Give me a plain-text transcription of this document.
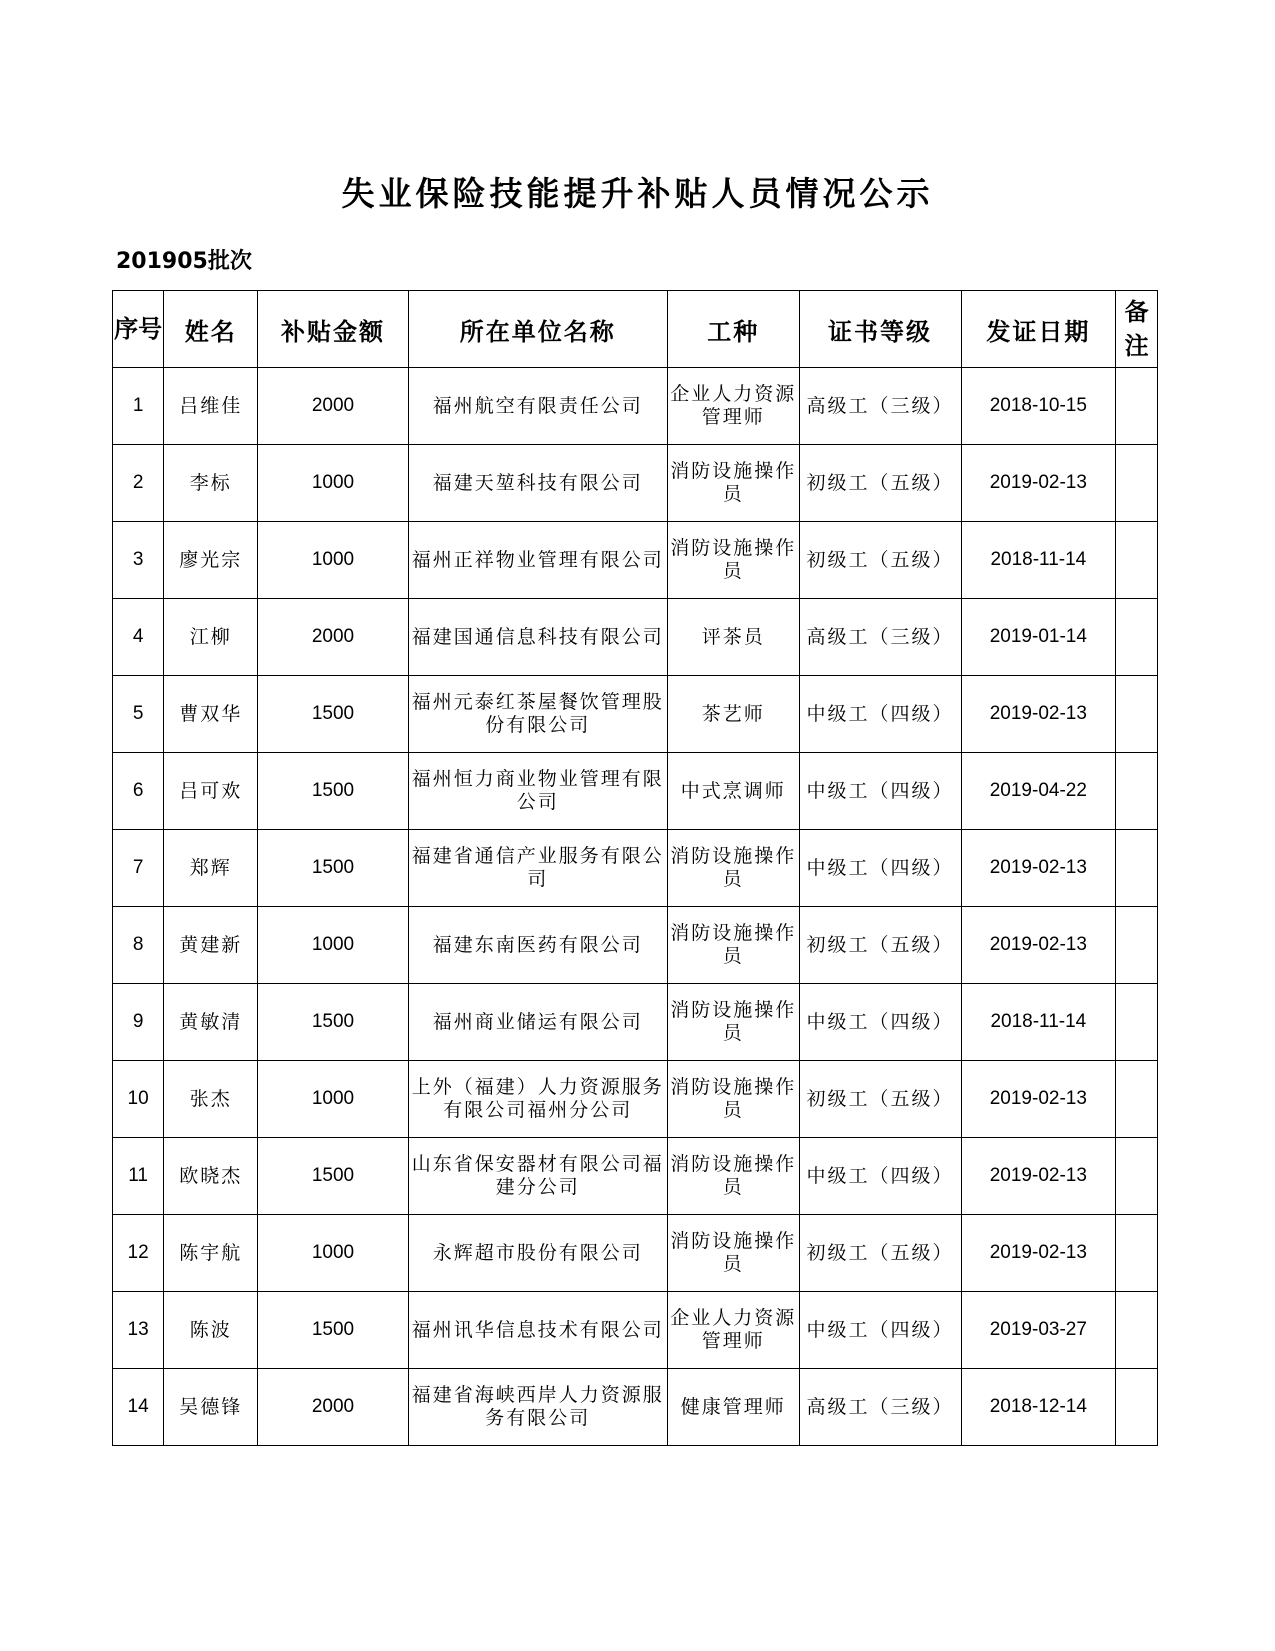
失业保险技能提升补贴人员情况公示
201905批次
序号	姓名	补贴金额	所在单位名称	工种	证书等级	发证日期	备注
1	吕维佳	2000	福州航空有限责任公司	企业人力资源管理师	高级工（三级）	2018-10-15	
2	李标	1000	福建天堃科技有限公司	消防设施操作员	初级工（五级）	2019-02-13	
3	廖光宗	1000	福州正祥物业管理有限公司	消防设施操作员	初级工（五级）	2018-11-14	
4	江柳	2000	福建国通信息科技有限公司	评茶员	高级工（三级）	2019-01-14	
5	曹双华	1500	福州元泰红茶屋餐饮管理股份有限公司	茶艺师	中级工（四级）	2019-02-13	
6	吕可欢	1500	福州恒力商业物业管理有限公司	中式烹调师	中级工（四级）	2019-04-22	
7	郑辉	1500	福建省通信产业服务有限公司	消防设施操作员	中级工（四级）	2019-02-13	
8	黄建新	1000	福建东南医药有限公司	消防设施操作员	初级工（五级）	2019-02-13	
9	黄敏清	1500	福州商业储运有限公司	消防设施操作员	中级工（四级）	2018-11-14	
10	张杰	1000	上外（福建）人力资源服务有限公司福州分公司	消防设施操作员	初级工（五级）	2019-02-13	
11	欧晓杰	1500	山东省保安器材有限公司福建分公司	消防设施操作员	中级工（四级）	2019-02-13	
12	陈宇航	1000	永辉超市股份有限公司	消防设施操作员	初级工（五级）	2019-02-13	
13	陈波	1500	福州讯华信息技术有限公司	企业人力资源管理师	中级工（四级）	2019-03-27	
14	吴德锋	2000	福建省海峡西岸人力资源服务有限公司	健康管理师	高级工（三级）	2018-12-14	
